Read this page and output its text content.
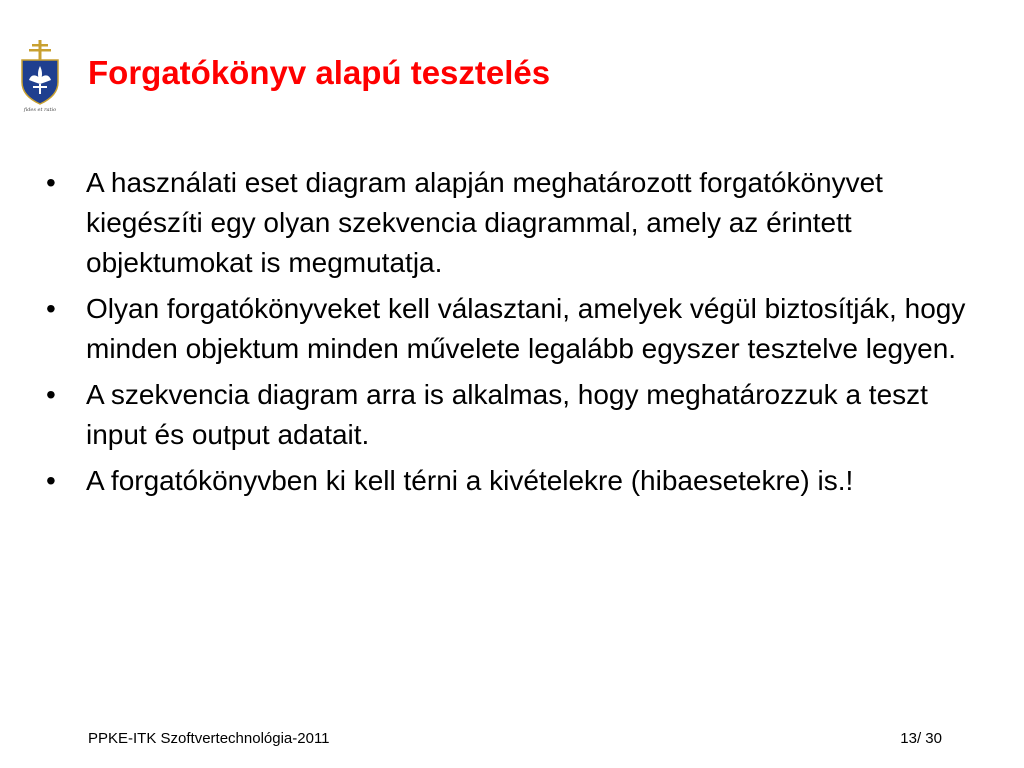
fides et ratio
Forgatókönyv alapú tesztelés
• A használati eset diagram alapján meghatározott forgatókönyvet kiegészíti egy olyan szekvencia diagrammal, amely az érintett objektumokat is megmutatja.
• Olyan forgatókönyveket kell választani, amelyek végül biztosítják, hogy minden objektum minden művelete legalább egyszer tesztelve legyen.
• A szekvencia diagram arra is alkalmas, hogy meghatározzuk a teszt input és output adatait.
• A forgatókönyvben ki kell térni a kivételekre (hibaesetekre) is.!
PPKE-ITK Szoftvertechnológia-2011	13/ 30
